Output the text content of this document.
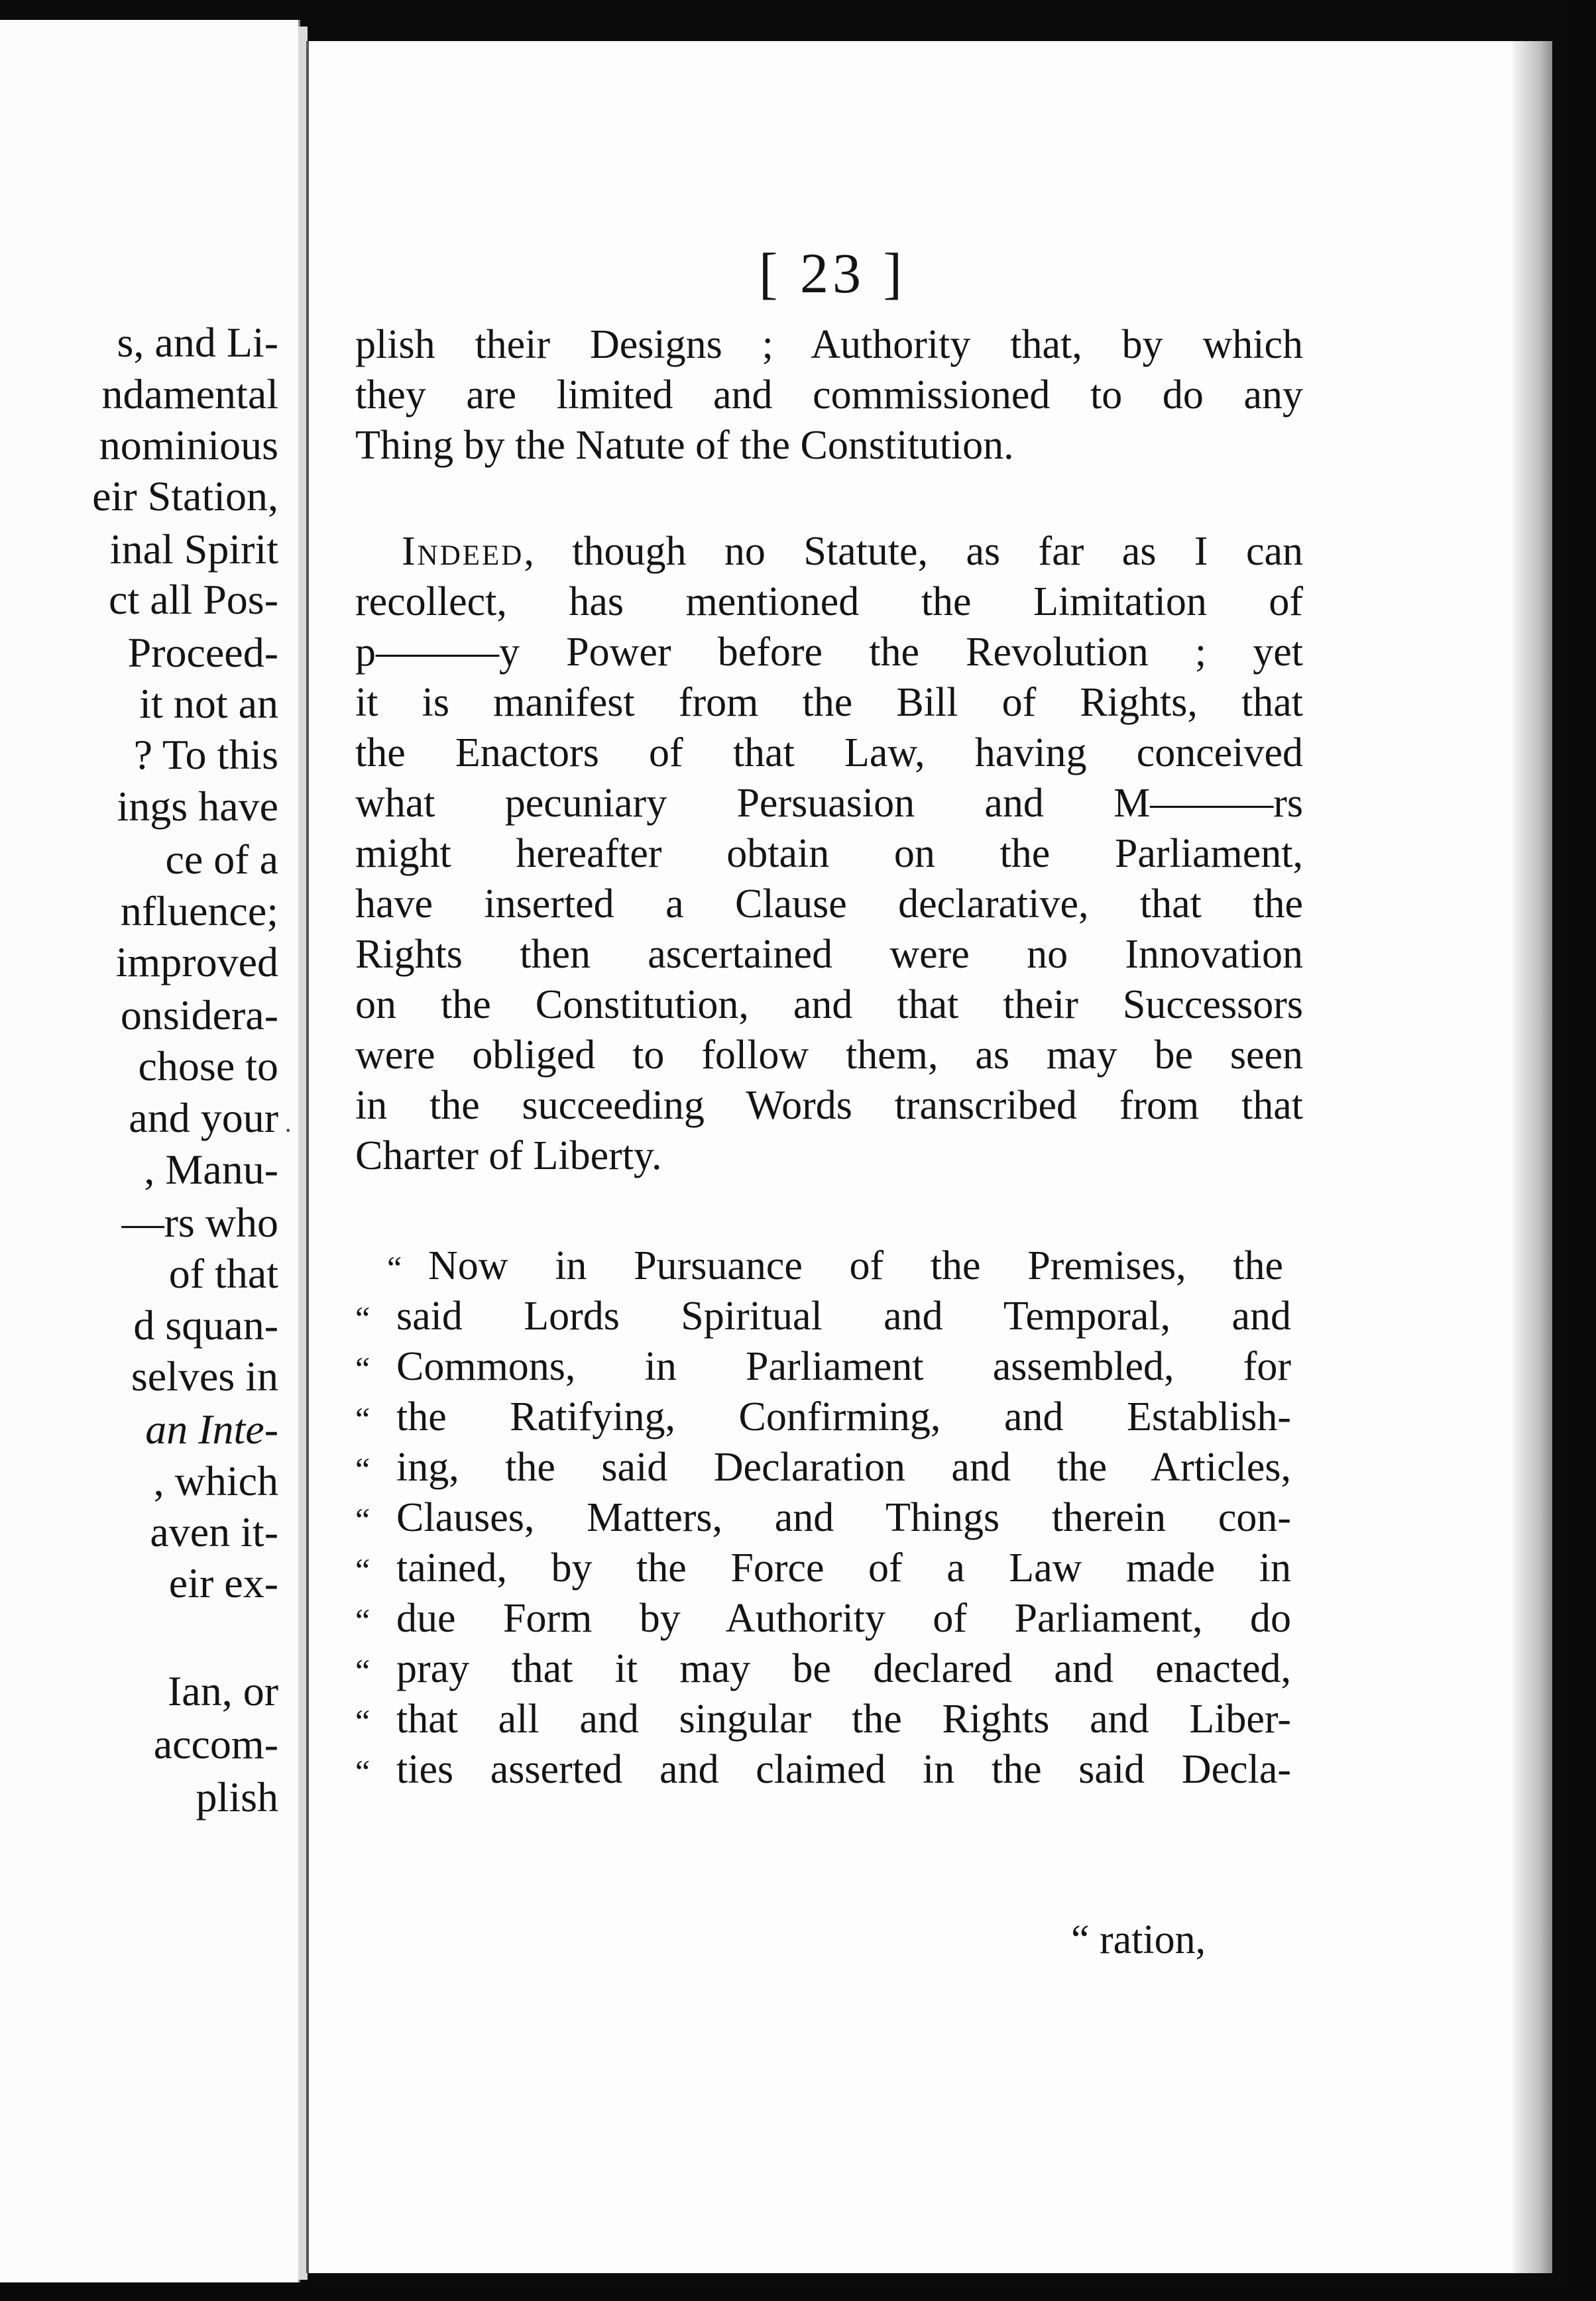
s, and Li-
ndamental
nominious
eir Station,
inal Spirit
ct all Pos-
Proceed-
it not an
? To this
ings have
ce of a
nfluence;
improved
onsidera-
chose to
and your
, Manu-
—rs who
of that
d squan-
selves in
an Inte-
, which
aven it-
eir ex-
Ian, or
accom-
plish
[ 23 ]
plish their Designs ; Authority that, by which
they are limited and commissioned to do any
Thing by the Natute of the Constitution.
Indeed, though no Statute, as far as I can
recollect, has mentioned the Limitation of
p———y Power before the Revolution ; yet
it is manifest from the Bill of Rights, that
the Enactors of that Law, having conceived
what pecuniary Persuasion and M———rs
might hereafter obtain on the Parliament,
have inserted a Clause declarative, that the
Rights then ascertained were no Innovation
on the Constitution, and that their Successors
were obliged to follow them, as may be seen
in the succeeding Words transcribed from that
Charter of Liberty.
“ Now in Pursuance of the Premises, the
“ said Lords Spiritual and Temporal, and
“ Commons, in Parliament assembled, for
“ the Ratifying, Confirming, and Establish-
“ ing, the said Declaration and the Articles,
“ Clauses, Matters, and Things therein con-
“ tained, by the Force of a Law made in
“ due Form by Authority of Parliament, do
“ pray that it may be declared and enacted,
“ that all and singular the Rights and Liber-
“ ties asserted and claimed in the said Decla-
“ ration,
·
